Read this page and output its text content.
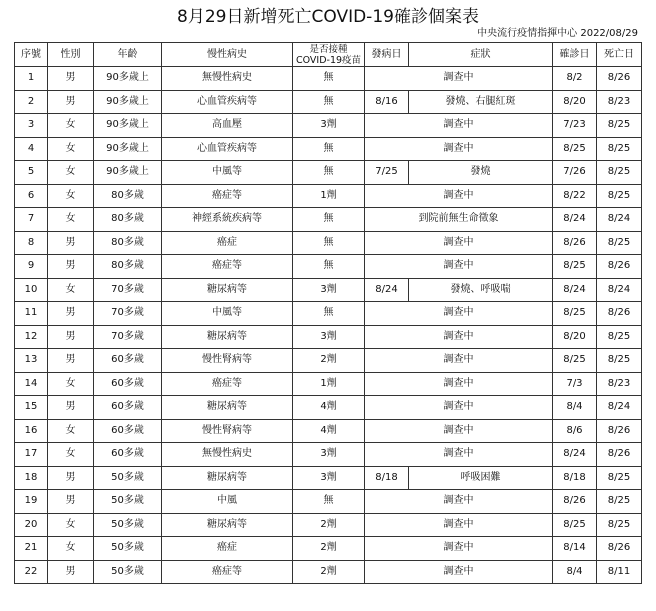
8月29日新增死亡COVID-19確診個案表
中央流行疫情指揮中心 2022/08/29
序號	性別	年齡	慢性病史	是否接種COVID-19疫苗	發病日	症狀	確診日	死亡日
1	男	90多歲上	無慢性病史	無	調查中		8/2	8/26
2	男	90多歲上	心血管疾病等	無	8/16	發燒、右腿紅斑	8/20	8/23
3	女	90多歲上	高血壓	3劑	調查中		7/23	8/25
4	女	90多歲上	心血管疾病等	無	調查中		8/25	8/25
5	女	90多歲上	中風等	無	7/25	發燒	7/26	8/25
6	女	80多歲	癌症等	1劑	調查中		8/22	8/25
7	女	80多歲	神經系統疾病等	無	到院前無生命徵象		8/24	8/24
8	男	80多歲	癌症	無	調查中		8/26	8/25
9	男	80多歲	癌症等	無	調查中		8/25	8/26
10	女	70多歲	糖尿病等	3劑	8/24	發燒、呼吸喘	8/24	8/24
11	男	70多歲	中風等	無	調查中		8/25	8/26
12	男	70多歲	糖尿病等	3劑	調查中		8/20	8/25
13	男	60多歲	慢性腎病等	2劑	調查中		8/25	8/25
14	女	60多歲	癌症等	1劑	調查中		7/3	8/23
15	男	60多歲	糖尿病等	4劑	調查中		8/4	8/24
16	女	60多歲	慢性腎病等	4劑	調查中		8/6	8/26
17	女	60多歲	無慢性病史	3劑	調查中		8/24	8/26
18	男	50多歲	糖尿病等	3劑	8/18	呼吸困難	8/18	8/25
19	男	50多歲	中風	無	調查中		8/26	8/25
20	女	50多歲	糖尿病等	2劑	調查中		8/25	8/25
21	女	50多歲	癌症	2劑	調查中		8/14	8/26
22	男	50多歲	癌症等	2劑	調查中		8/4	8/11
